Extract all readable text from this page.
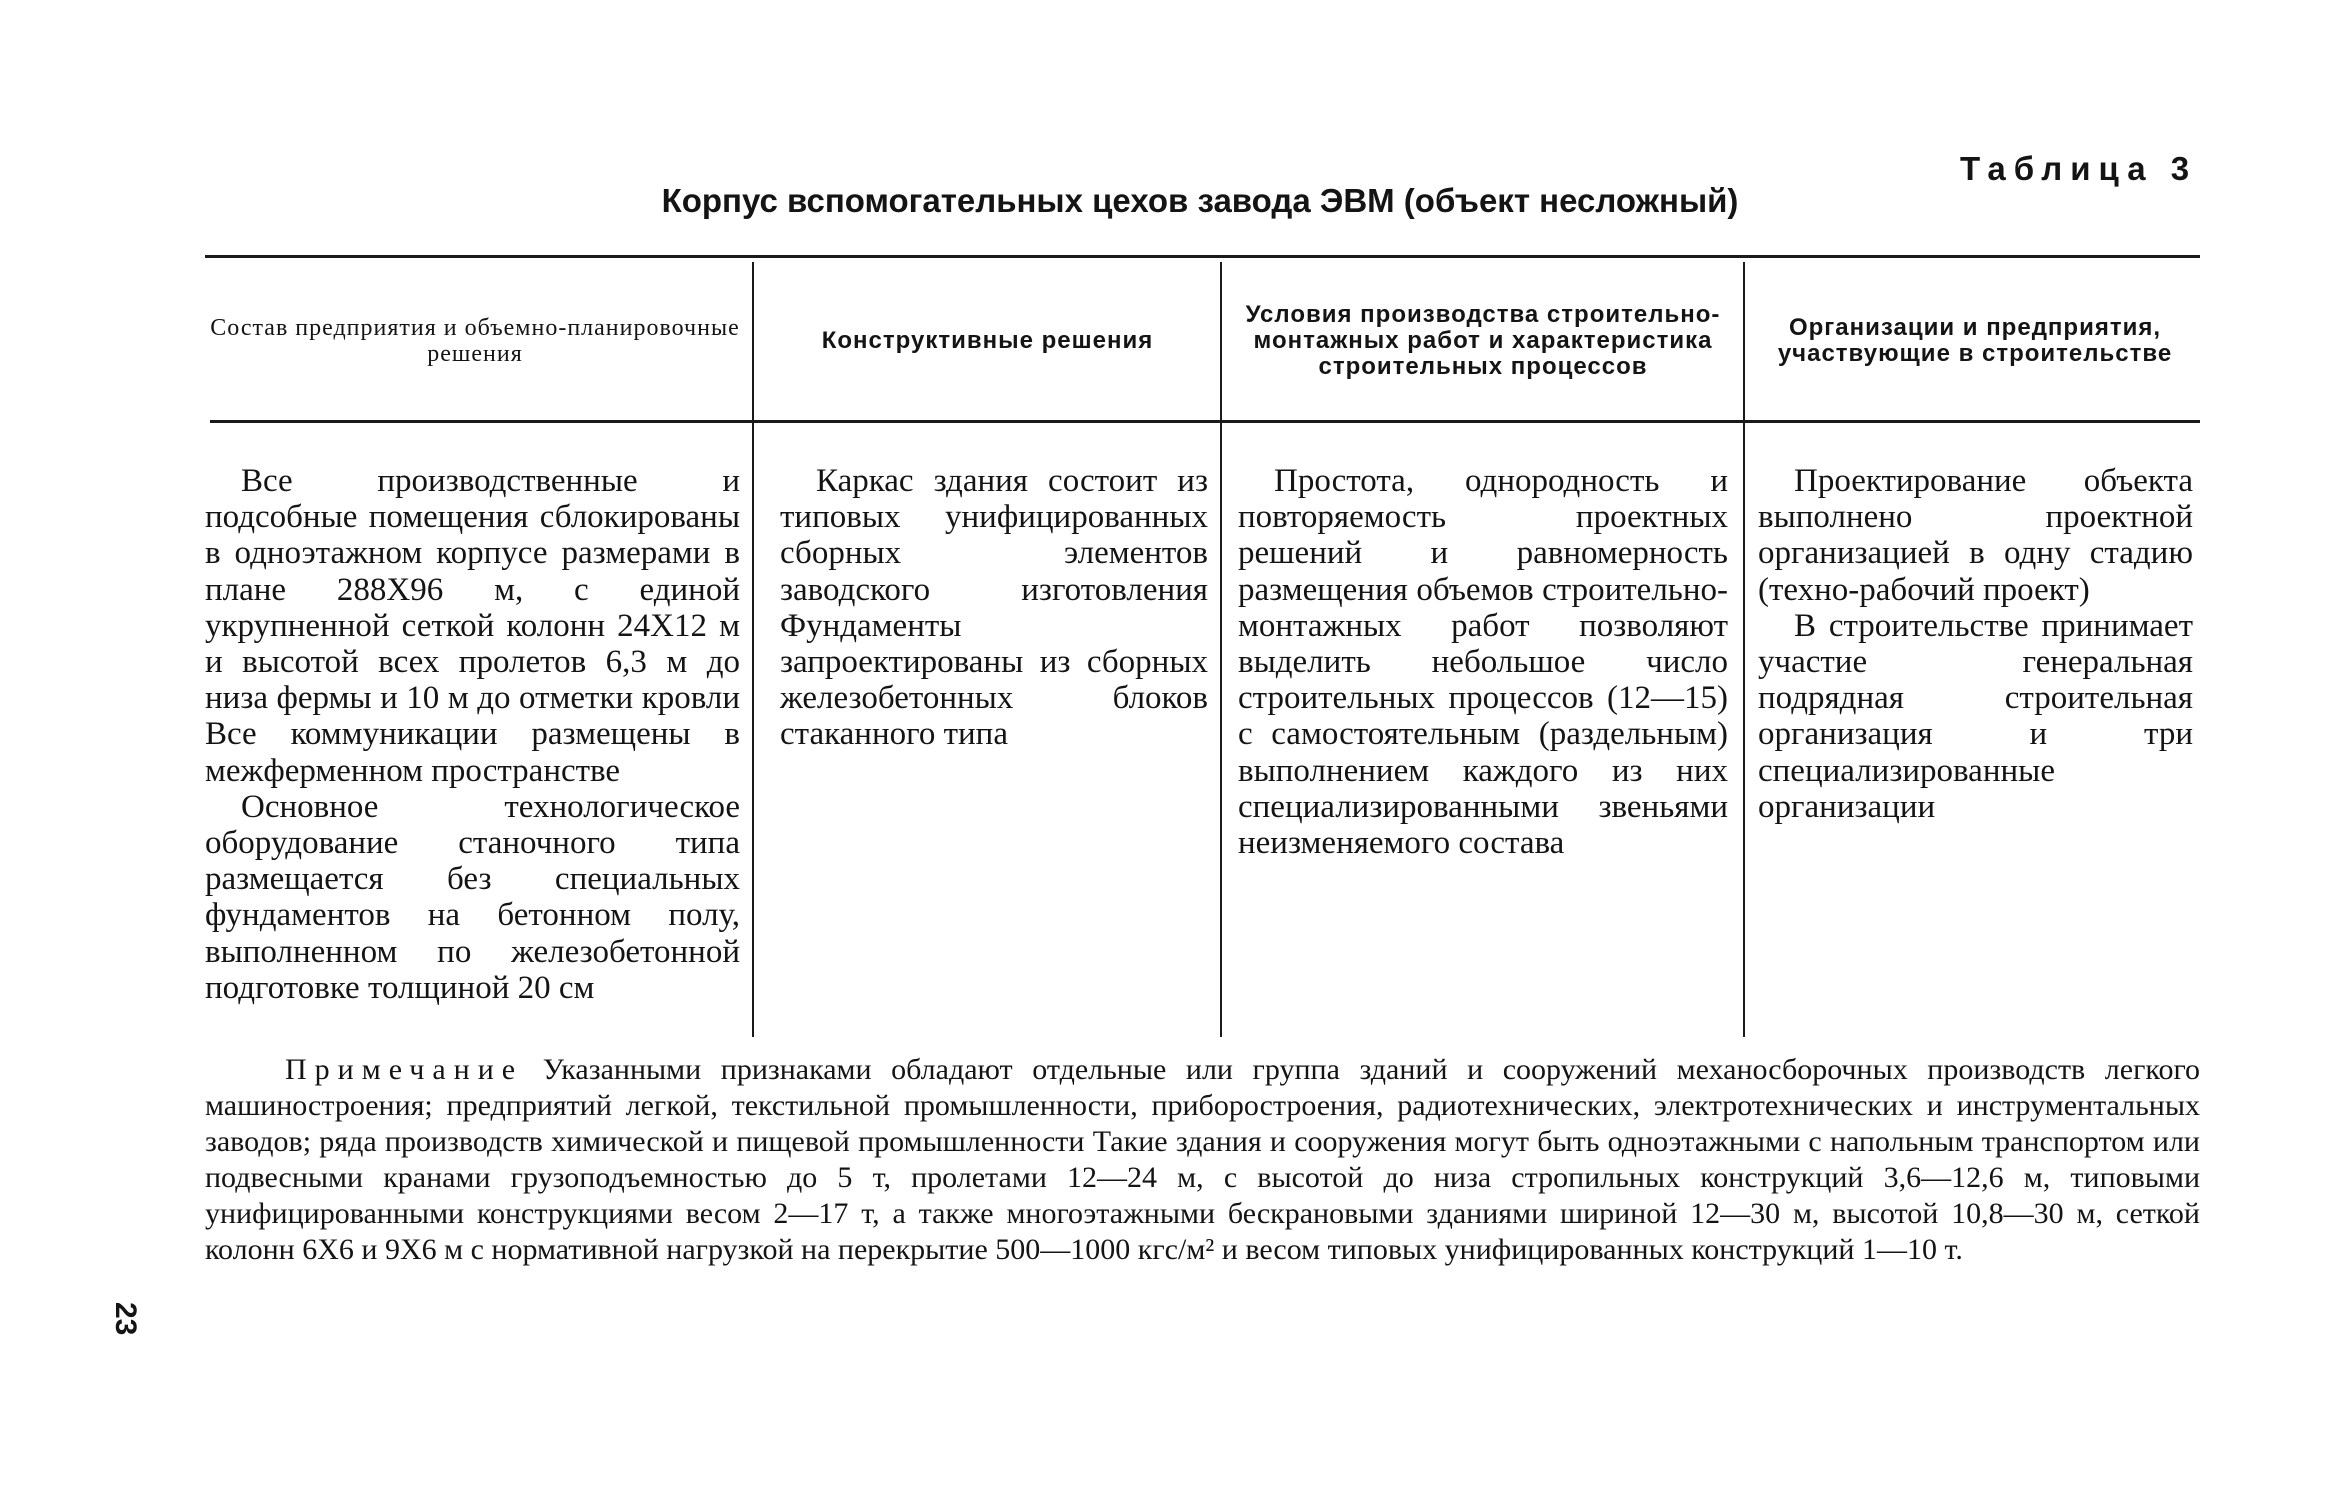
Таблица 3
Корпус вспомогательных цехов завода ЭВМ (объект несложный)
Состав предприятия и объемно-планировочные решения	Конструктивные решения
Условия производства строительно-монтажных работ и характеристика строительных процессов
Организации и предприятия, участвующие в строительстве

Все производственные и подсобные помещения сблокированы в одноэтажном корпусе размерами в плане 288X96 м, с единой укрупненной сеткой колонн 24X12 м и высотой всех пролетов 6,3 м до низа фермы и 10 м до отметки кровли Все коммуникации размещены в межферменном пространстве

Основное технологическое оборудование станочного типа размещается без специальных фундаментов на бетонном полу, выполненном по железобетонной подготовке толщиной 20 см

Каркас здания состоит из типовых унифицированных сборных элементов заводского изготовления Фундаменты запроектированы из сборных железобетонных блоков стаканного типа

Простота, однородность и повторяемость проектных решений и равномерность размещения объемов строительно-монтажных работ позволяют выделить небольшое число строительных процессов (12—15) с самостоятельным (раздельным) выполнением каждого из них специализированными звеньями неизменяемого состава

Проектирование объекта выполнено проектной организацией в одну стадию (техно-рабочий проект)

В строительстве принимает участие генеральная подрядная строительная организация и три специализированные организации

Примечание Указанными признаками обладают отдельные или группа зданий и сооружений механосборочных производств легкого машиностроения; предприятий легкой, текстильной промышленности, приборостроения, радиотехнических, электротехнических и инструментальных заводов; ряда производств химической и пищевой промышленности Такие здания и сооружения могут быть одноэтажными с напольным транспортом или подвесными кранами грузоподъемностью до 5 т, пролетами 12—24 м, с высотой до низа стропильных конструкций 3,6—12,6 м, типовыми унифицированными конструкциями весом 2—17 т, а также многоэтажными бескрановыми зданиями шириной 12—30 м, высотой 10,8—30 м, сеткой колонн 6X6 и 9X6 м с нормативной нагрузкой на перекрытие 500—1000 кгс/м² и весом типовых унифицированных конструкций 1—10 т.
23
